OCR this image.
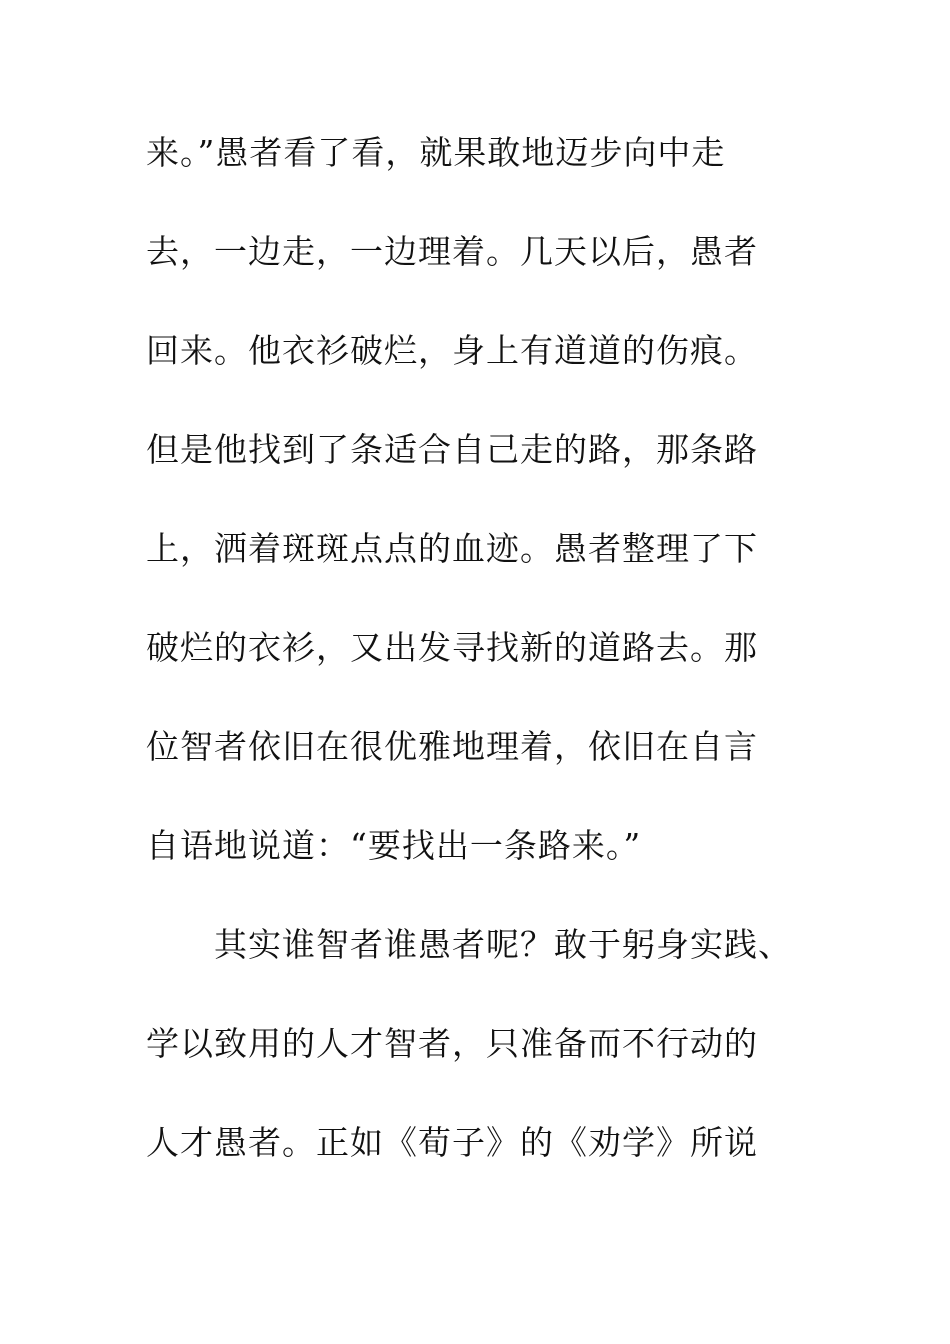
来。”愚者看了看，就果敢地迈步向中走
去，一边走，一边理着。几天以后，愚者
回来。他衣衫破烂，身上有道道的伤痕。
但是他找到了条适合自己走的路，那条路
上，洒着斑斑点点的血迹。愚者整理了下
破烂的衣衫，又出发寻找新的道路去。那
位智者依旧在很优雅地理着，依旧在自言
自语地说道：“要找出一条路来。”
其实谁智者谁愚者呢？敢于躬身实践、
学以致用的人才智者，只准备而不行动的
人才愚者。正如《荀子》的《劝学》所说
